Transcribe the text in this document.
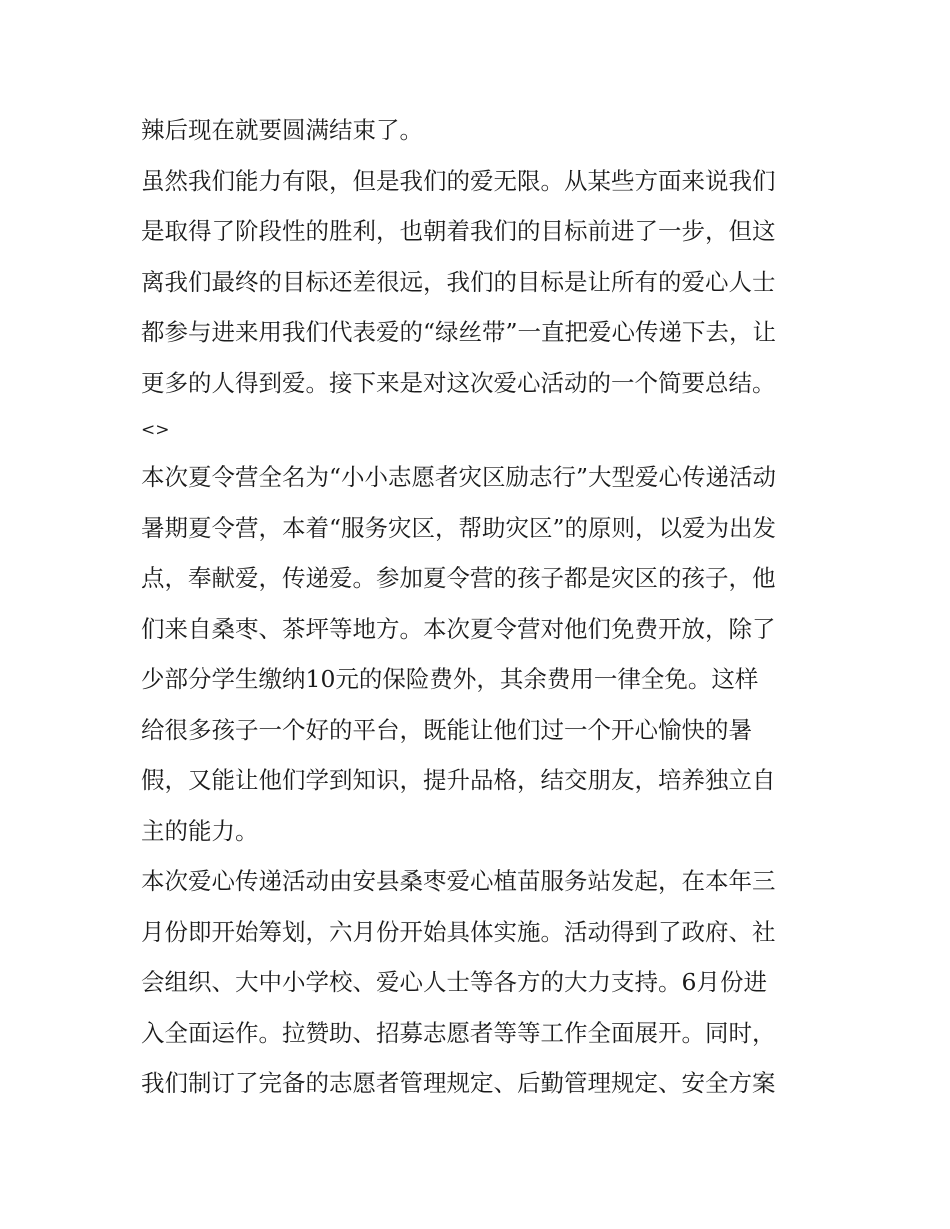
辣后现在就要圆满结束了。
虽然我们能力有限，但是我们的爱无限。从某些方面来说我们
是取得了阶段性的胜利，也朝着我们的目标前进了一步，但这
离我们最终的目标还差很远，我们的目标是让所有的爱心人士
都参与进来用我们代表爱的“绿丝带”一直把爱心传递下去，让
更多的人得到爱。接下来是对这次爱心活动的一个简要总结。
<>
本次夏令营全名为“小小志愿者灾区励志行”大型爱心传递活动
暑期夏令营，本着“服务灾区，帮助灾区”的原则，以爱为出发
点，奉献爱，传递爱。参加夏令营的孩子都是灾区的孩子，他
们来自桑枣、茶坪等地方。本次夏令营对他们免费开放，除了
少部分学生缴纳10元的保险费外，其余费用一律全免。这样
给很多孩子一个好的平台，既能让他们过一个开心愉快的暑
假，又能让他们学到知识，提升品格，结交朋友，培养独立自
主的能力。
本次爱心传递活动由安县桑枣爱心植苗服务站发起，在本年三
月份即开始筹划，六月份开始具体实施。活动得到了政府、社
会组织、大中小学校、爱心人士等各方的大力支持。6月份进
入全面运作。拉赞助、招募志愿者等等工作全面展开。同时，
我们制订了完备的志愿者管理规定、后勤管理规定、安全方案
